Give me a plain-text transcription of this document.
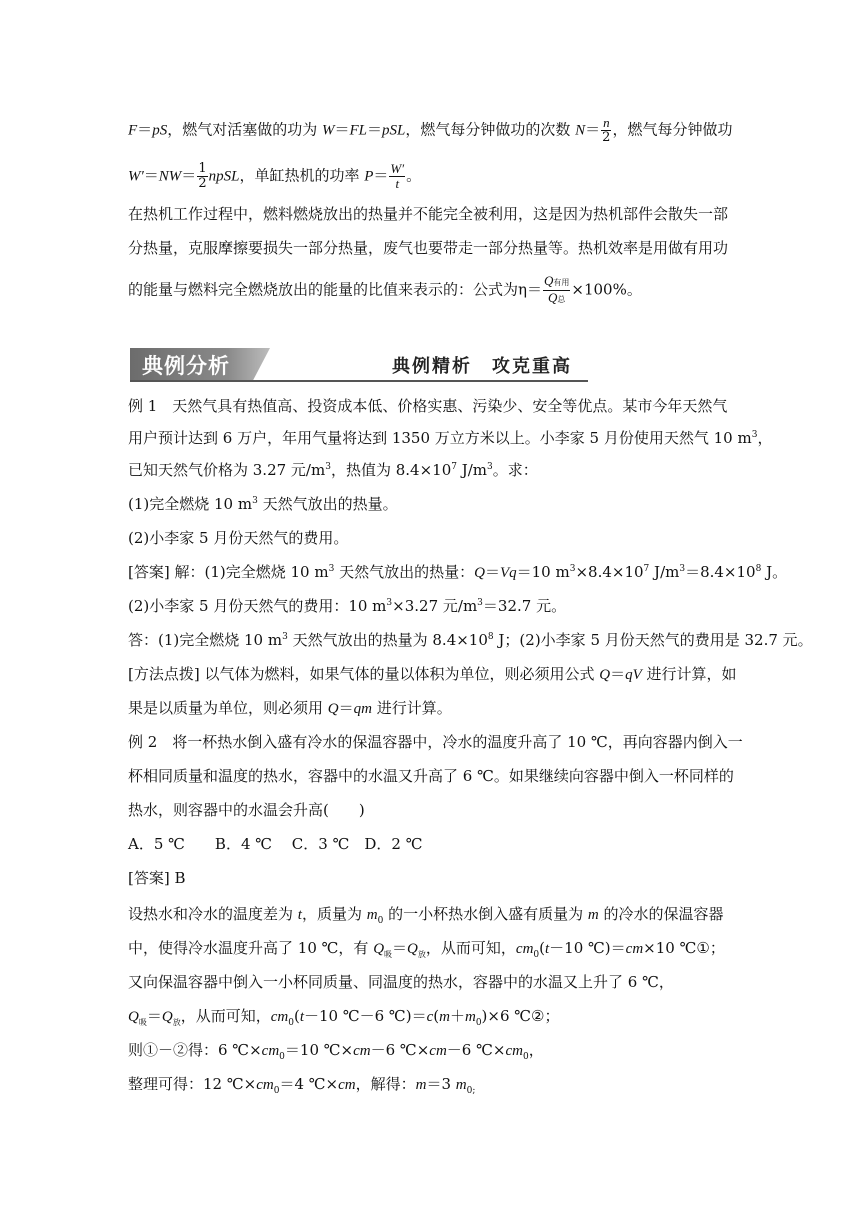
F＝pS，燃气对活塞做的功为 W＝FL＝pSL，燃气每分钟做功的次数 $N= \frac{n}{2}$ ，燃气每分钟做功
$W'=NW= \frac{1}{2}$ npSL，单缸热机的功率 $P= \frac{W'}{t}$ 。
在热机工作过程中，燃料燃烧放出的热量并不能完全被利用，这是因为热机部件会散失一部
分热量，克服摩擦要损失一部分热量，废气也要带走一部分热量等。热机效率是用做有用功
的能量与燃料完全燃烧放出的能量的比值来表示的：公式为$\eta= \frac{\text{Q有用}}{\text{Q总}} \times 100\%$。
典例分析	典例精析　攻克重高
例 1　天然气具有热值高、投资成本低、价格实惠、污染少、安全等优点。某市今年天然气
用户预计达到 6 万户，年用气量将达到 1350 万立方米以上。小李家 5 月份使用天然气 10 $m^3$，
已知天然气价格为 3.27 元$/m^3$，热值为 $8.4\times 10^7$ $J/m^3$。求：
(1)完全燃烧 10 $m^3$ 天然气放出的热量。
(2)小李家 5 月份天然气的费用。
[答案] 解：(1)完全燃烧 10 $m^3$ 天然气放出的热量：Q＝Vq＝10 $m^3\times 8.4\times 10^7$ $J/m^3=8.4\times 10^8$ J。
(2)小李家 5 月份天然气的费用：10 $m^3\times 3.27$ 元$/m^3=32.7$ 元。
答：(1)完全燃烧 10 $m^3$ 天然气放出的热量为 $8.4\times 10^8$ J；(2)小李家 5 月份天然气的费用是 32.7 元。
[方法点拨] 以气体为燃料，如果气体的量以体积为单位，则必须用公式 Q＝qV 进行计算，如
果是以质量为单位，则必须用 Q＝qm 进行计算。
例 2　将一杯热水倒入盛有冷水的保温容器中，冷水的温度升高了 10 ℃，再向容器内倒入一
杯相同质量和温度的热水，容器中的水温又升高了 6 ℃。如果继续向容器中倒入一杯同样的
热水，则容器中的水温会升高(　　)
A．5 ℃　　B．4 ℃　 C．3 ℃　D．2 ℃
[答案] B
设热水和冷水的温度差为 t，质量为 $m_0$ 的一小杯热水倒入盛有质量为 m 的冷水的保温容器
中，使得冷水温度升高了 10 ℃，有 $Q_吸=Q_放$，从而可知，$cm_0(t-10$ ℃)＝cm×10 ℃①；
又向保温容器中倒入一小杯同质量、同温度的热水，容器中的水温又上升了 6 ℃，
$Q_吸=Q_放$，从而可知，$cm_0(t-10$ ℃－6 $℃)=c(m+m_0)\times 6$ ℃②；
则①－②得：6 $℃\times cm_0=10$ ℃×cm－6 ℃×cm－6 $℃\times cm_0$，
整理可得：12 $℃\times cm_0=4$ ℃×cm，解得：m＝3 $m_{0;}$
